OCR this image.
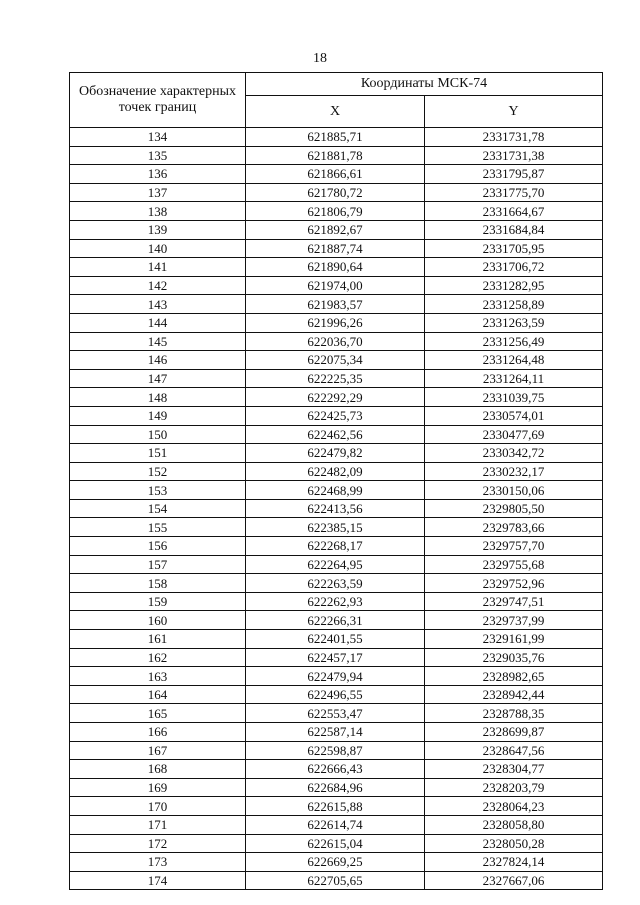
18
Обозначение характерных точек границ	Координаты МСК-74	
	X	Y
134	621885,71	2331731,78
135	621881,78	2331731,38
136	621866,61	2331795,87
137	621780,72	2331775,70
138	621806,79	2331664,67
139	621892,67	2331684,84
140	621887,74	2331705,95
141	621890,64	2331706,72
142	621974,00	2331282,95
143	621983,57	2331258,89
144	621996,26	2331263,59
145	622036,70	2331256,49
146	622075,34	2331264,48
147	622225,35	2331264,11
148	622292,29	2331039,75
149	622425,73	2330574,01
150	622462,56	2330477,69
151	622479,82	2330342,72
152	622482,09	2330232,17
153	622468,99	2330150,06
154	622413,56	2329805,50
155	622385,15	2329783,66
156	622268,17	2329757,70
157	622264,95	2329755,68
158	622263,59	2329752,96
159	622262,93	2329747,51
160	622266,31	2329737,99
161	622401,55	2329161,99
162	622457,17	2329035,76
163	622479,94	2328982,65
164	622496,55	2328942,44
165	622553,47	2328788,35
166	622587,14	2328699,87
167	622598,87	2328647,56
168	622666,43	2328304,77
169	622684,96	2328203,79
170	622615,88	2328064,23
171	622614,74	2328058,80
172	622615,04	2328050,28
173	622669,25	2327824,14
174	622705,65	2327667,06
